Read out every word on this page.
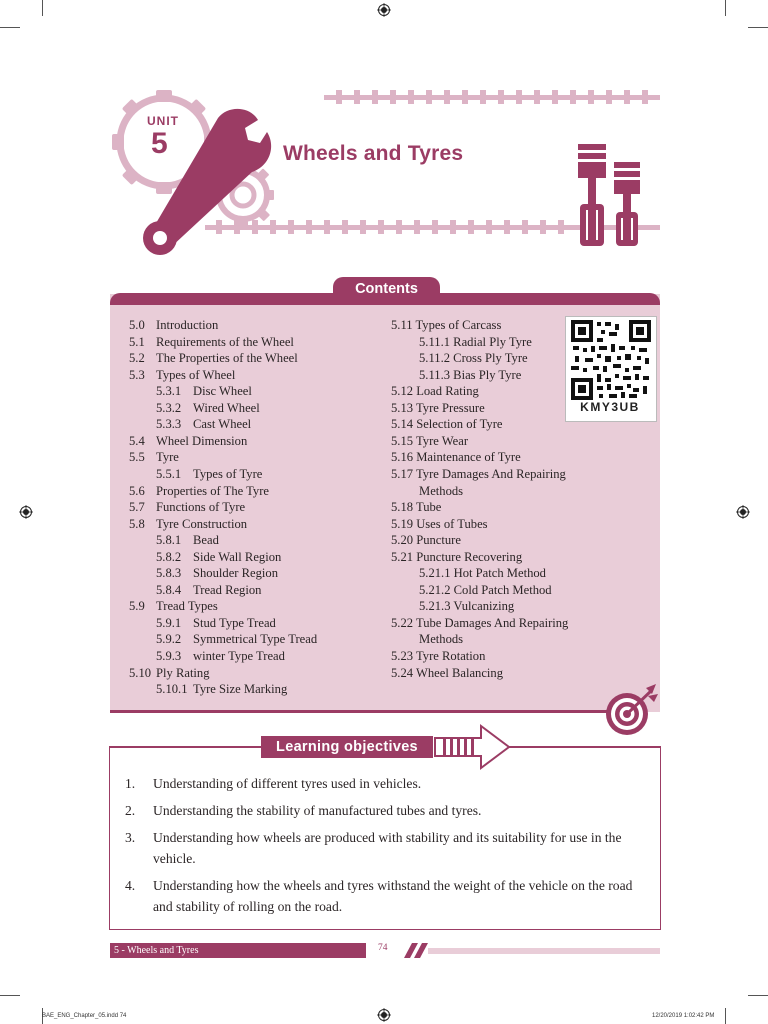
UNIT
5	Wheels and Tyres
Contents
5.0 Introduction
5.1 Requirements of the Wheel
5.2 The Properties of the Wheel
5.3 Types of Wheel
5.3.1 Disc Wheel
5.3.2 Wired Wheel
5.3.3 Cast Wheel
5.4 Wheel Dimension
5.5 Tyre
5.5.1 Types of Tyre
5.6 Properties of The Tyre
5.7 Functions of Tyre
5.8 Tyre Construction
5.8.1 Bead
5.8.2 Side Wall Region
5.8.3 Shoulder Region
5.8.4 Tread Region
5.9 Tread Types
5.9.1 Stud Type Tread
5.9.2 Symmetrical Type Tread
5.9.3 winter Type Tread
5.10 Ply Rating
5.10.1 Tyre Size Marking
5.11 Types of Carcass
5.11.1 Radial Ply Tyre
5.11.2 Cross Ply Tyre
5.11.3 Bias Ply Tyre
5.12 Load Rating
5.13 Tyre Pressure
5.14 Selection of Tyre
5.15 Tyre Wear
5.16 Maintenance of Tyre
5.17 Tyre Damages And Repairing
Methods
5.18 Tube
5.19 Uses of Tubes
5.20 Puncture
5.21 Puncture Recovering
5.21.1 Hot Patch Method
5.21.2 Cold Patch Method
5.21.3 Vulcanizing
5.22 Tube Damages And Repairing
Methods
5.23 Tyre Rotation
5.24 Wheel Balancing
KMY3UB
Learning objectives
1. Understanding of different tyres used in vehicles.
2. Understanding the stability of manufactured tubes and tyres.
3. Understanding how wheels are produced with stability and its suitability for use in the vehicle.
4. Understanding how the wheels and tyres withstand the weight of the vehicle on the road and stability of rolling on the road.
5 - Wheels and Tyres	74
BAE_ENG_Chapter_05.indd 74	12/20/2019 1:02:42 PM
